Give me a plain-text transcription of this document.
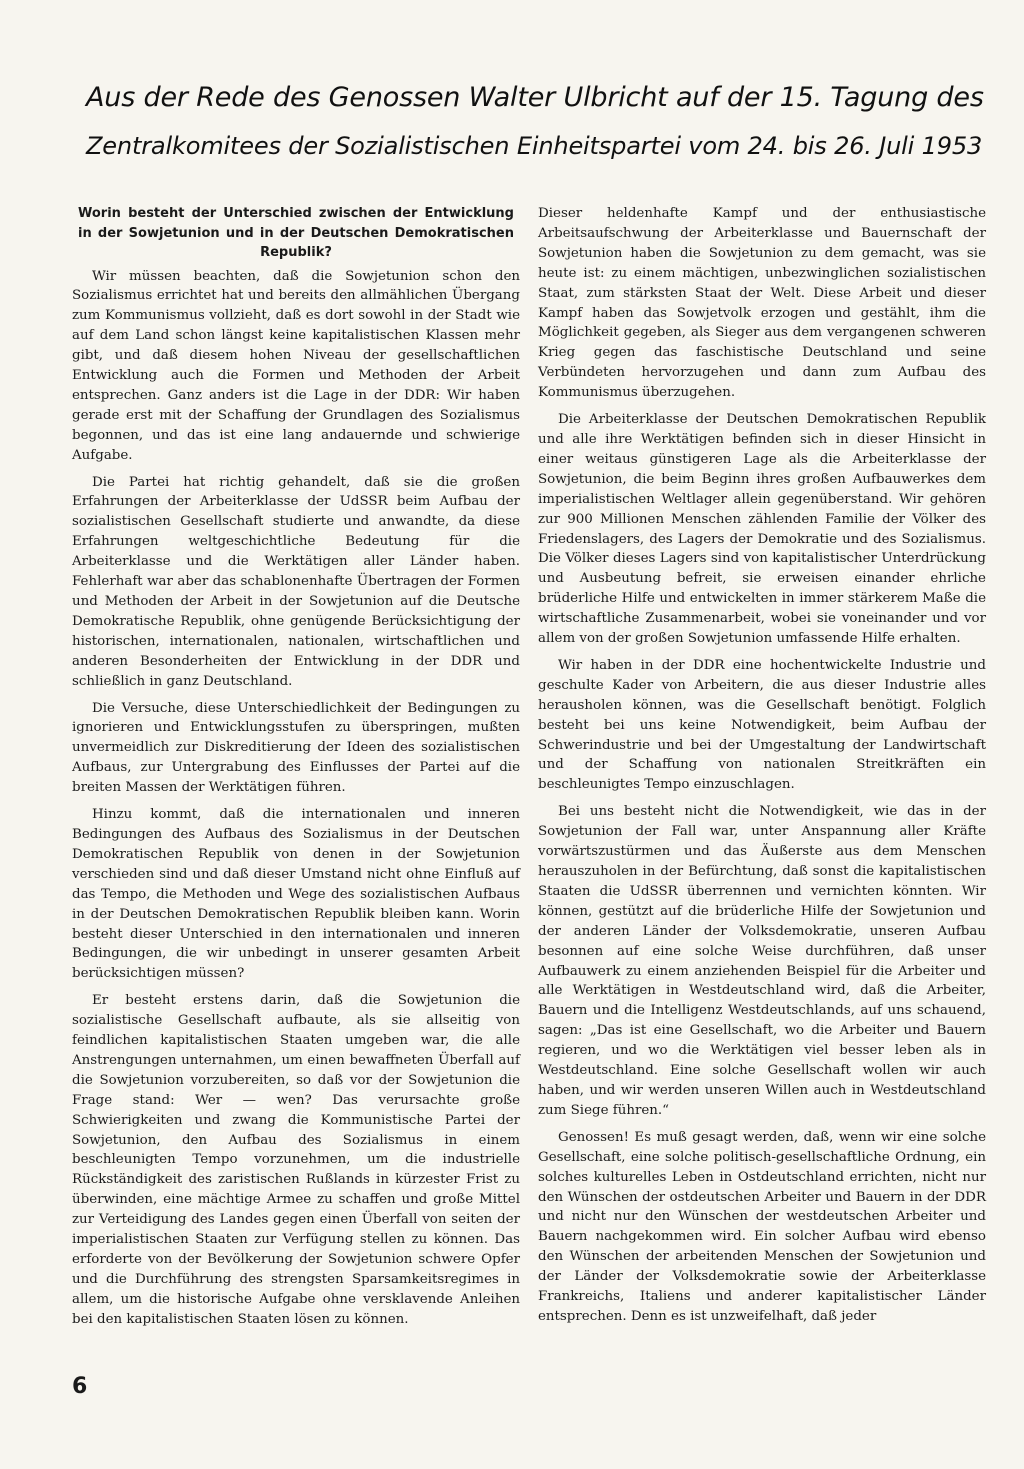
Aus der Rede des Genossen Walter Ulbricht auf der 15. Tagung des
Zentralkomitees der Sozialistischen Einheitspartei vom 24. bis 26. Juli 1953

Worin besteht der Unterschied zwischen der Entwicklung in der Sowjetunion und in der Deutschen Demokratischen Republik?

Wir müssen beachten, daß die Sowjetunion schon den Sozialismus errichtet hat und bereits den allmählichen Übergang zum Kommunismus vollzieht, daß es dort sowohl in der Stadt wie auf dem Land schon längst keine kapitalistischen Klassen mehr gibt, und daß diesem hohen Niveau der gesellschaftlichen Entwicklung auch die Formen und Methoden der Arbeit entsprechen. Ganz anders ist die Lage in der DDR: Wir haben gerade erst mit der Schaffung der Grundlagen des Sozialismus begonnen, und das ist eine lang andauernde und schwierige Aufgabe.

Die Partei hat richtig gehandelt, daß sie die großen Erfahrungen der Arbeiterklasse der UdSSR beim Aufbau der sozialistischen Gesellschaft studierte und anwandte, da diese Erfahrungen weltgeschichtliche Bedeutung für die Arbeiterklasse und die Werktätigen aller Länder haben. Fehlerhaft war aber das schablonenhafte Übertragen der Formen und Methoden der Arbeit in der Sowjetunion auf die Deutsche Demokratische Republik, ohne genügende Berücksichtigung der historischen, internationalen, nationalen, wirtschaftlichen und anderen Besonderheiten der Entwicklung in der DDR und schließlich in ganz Deutschland.

Die Versuche, diese Unterschiedlichkeit der Bedingungen zu ignorieren und Entwicklungsstufen zu überspringen, mußten unvermeidlich zur Diskreditierung der Ideen des sozialistischen Aufbaus, zur Untergrabung des Einflusses der Partei auf die breiten Massen der Werktätigen führen.

Hinzu kommt, daß die internationalen und inneren Bedingungen des Aufbaus des Sozialismus in der Deutschen Demokratischen Republik von denen in der Sowjetunion verschieden sind und daß dieser Umstand nicht ohne Einfluß auf das Tempo, die Methoden und Wege des sozialistischen Aufbaus in der Deutschen Demokratischen Republik bleiben kann. Worin besteht dieser Unterschied in den internationalen und inneren Bedingungen, die wir unbedingt in unserer gesamten Arbeit berücksichtigen müssen?

Er besteht erstens darin, daß die Sowjetunion die sozialistische Gesellschaft aufbaute, als sie allseitig von feindlichen kapitalistischen Staaten umgeben war, die alle Anstrengungen unternahmen, um einen bewaffneten Überfall auf die Sowjetunion vorzubereiten, so daß vor der Sowjetunion die Frage stand: Wer — wen? Das verursachte große Schwierigkeiten und zwang die Kommunistische Partei der Sowjetunion, den Aufbau des Sozialismus in einem beschleunigten Tempo vorzunehmen, um die industrielle Rückständigkeit des zaristischen Rußlands in kürzester Frist zu überwinden, eine mächtige Armee zu schaffen und große Mittel zur Verteidigung des Landes gegen einen Überfall von seiten der imperialistischen Staaten zur Verfügung stellen zu können. Das erforderte von der Bevölkerung der Sowjetunion schwere Opfer und die Durchführung des strengsten Sparsamkeitsregimes in allem, um die historische Aufgabe ohne versklavende Anleihen bei den kapitalistischen Staaten lösen zu können.

Dieser heldenhafte Kampf und der enthusiastische Arbeitsaufschwung der Arbeiterklasse und Bauernschaft der Sowjetunion haben die Sowjetunion zu dem gemacht, was sie heute ist: zu einem mächtigen, unbezwinglichen sozialistischen Staat, zum stärksten Staat der Welt. Diese Arbeit und dieser Kampf haben das Sowjetvolk erzogen und gestählt, ihm die Möglichkeit gegeben, als Sieger aus dem vergangenen schweren Krieg gegen das faschistische Deutschland und seine Verbündeten hervorzugehen und dann zum Aufbau des Kommunismus überzugehen.

Die Arbeiterklasse der Deutschen Demokratischen Republik und alle ihre Werktätigen befinden sich in dieser Hinsicht in einer weitaus günstigeren Lage als die Arbeiterklasse der Sowjetunion, die beim Beginn ihres großen Aufbauwerkes dem imperialistischen Weltlager allein gegenüberstand. Wir gehören zur 900 Millionen Menschen zählenden Familie der Völker des Friedenslagers, des Lagers der Demokratie und des Sozialismus. Die Völker dieses Lagers sind von kapitalistischer Unterdrückung und Ausbeutung befreit, sie erweisen einander ehrliche brüderliche Hilfe und entwickelten in immer stärkerem Maße die wirtschaftliche Zusammenarbeit, wobei sie voneinander und vor allem von der großen Sowjetunion umfassende Hilfe erhalten.

Wir haben in der DDR eine hochentwickelte Industrie und geschulte Kader von Arbeitern, die aus dieser Industrie alles herausholen können, was die Gesellschaft benötigt. Folglich besteht bei uns keine Notwendigkeit, beim Aufbau der Schwerindustrie und bei der Umgestaltung der Landwirtschaft und der Schaffung von nationalen Streitkräften ein beschleunigtes Tempo einzuschlagen.

Bei uns besteht nicht die Notwendigkeit, wie das in der Sowjetunion der Fall war, unter Anspannung aller Kräfte vorwärtszustürmen und das Äußerste aus dem Menschen herauszuholen in der Befürchtung, daß sonst die kapitalistischen Staaten die UdSSR überrennen und vernichten könnten. Wir können, gestützt auf die brüderliche Hilfe der Sowjetunion und der anderen Länder der Volksdemokratie, unseren Aufbau besonnen auf eine solche Weise durchführen, daß unser Aufbauwerk zu einem anziehenden Beispiel für die Arbeiter und alle Werktätigen in Westdeutschland wird, daß die Arbeiter, Bauern und die Intelligenz Westdeutschlands, auf uns schauend, sagen: „Das ist eine Gesellschaft, wo die Arbeiter und Bauern regieren, und wo die Werktätigen viel besser leben als in Westdeutschland. Eine solche Gesellschaft wollen wir auch haben, und wir werden unseren Willen auch in Westdeutschland zum Siege führen.“

Genossen! Es muß gesagt werden, daß, wenn wir eine solche Gesellschaft, eine solche politisch-gesellschaftliche Ordnung, ein solches kulturelles Leben in Ostdeutschland errichten, nicht nur den Wünschen der ostdeutschen Arbeiter und Bauern in der DDR und nicht nur den Wünschen der westdeutschen Arbeiter und Bauern nachgekommen wird. Ein solcher Aufbau wird ebenso den Wünschen der arbeitenden Menschen der Sowjetunion und der Länder der Volksdemokratie sowie der Arbeiterklasse Frankreichs, Italiens und anderer kapitalistischer Länder entsprechen. Denn es ist unzweifelhaft, daß jeder

6
